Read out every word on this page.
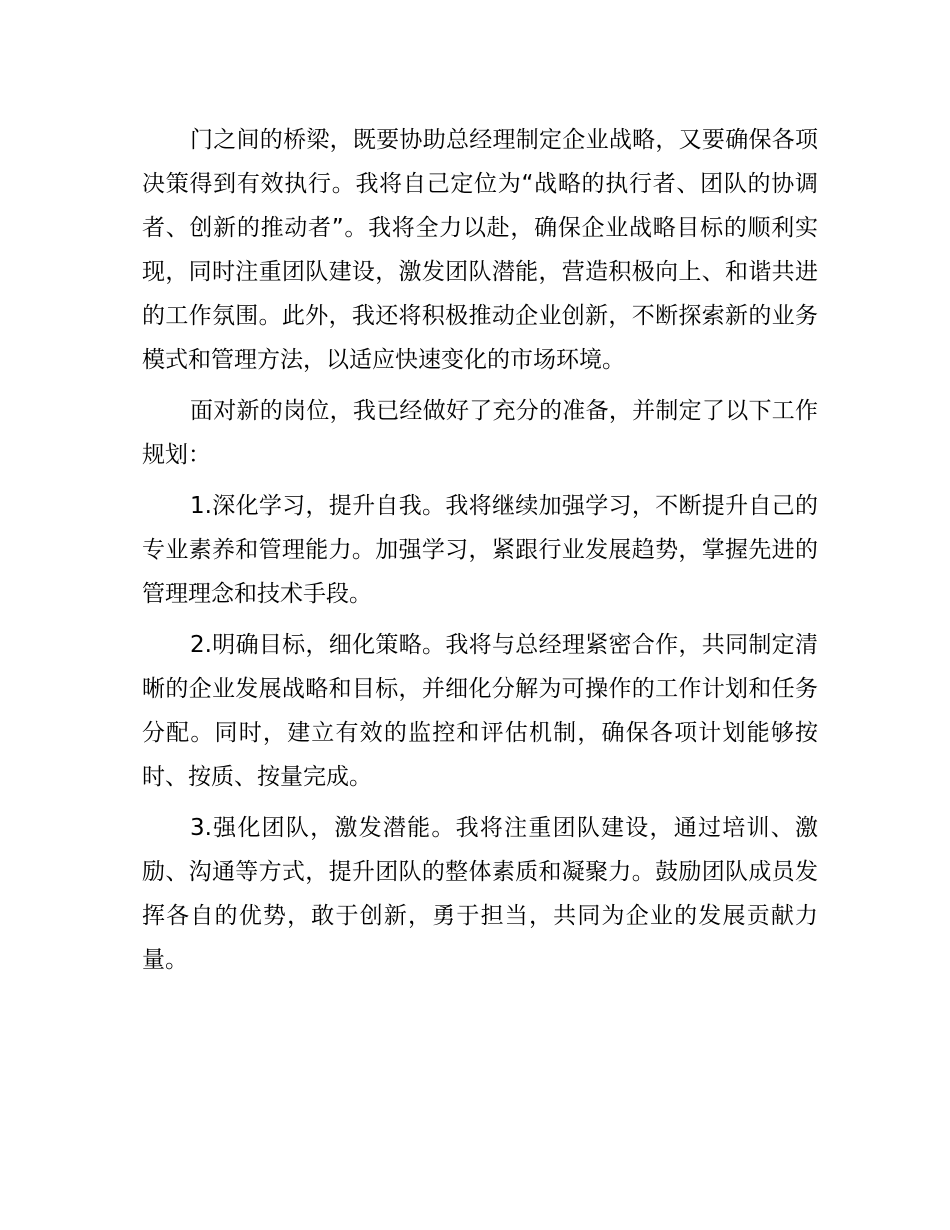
门之间的桥梁，既要协助总经理制定企业战略，又要确保各项决策得到有效执行。我将自己定位为“战略的执行者、团队的协调者、创新的推动者”。我将全力以赴，确保企业战略目标的顺利实现，同时注重团队建设，激发团队潜能，营造积极向上、和谐共进的工作氛围。此外，我还将积极推动企业创新，不断探索新的业务模式和管理方法，以适应快速变化的市场环境。

面对新的岗位，我已经做好了充分的准备，并制定了以下工作规划：

1.深化学习，提升自我。我将继续加强学习，不断提升自己的专业素养和管理能力。加强学习，紧跟行业发展趋势，掌握先进的管理理念和技术手段。

2.明确目标，细化策略。我将与总经理紧密合作，共同制定清晰的企业发展战略和目标，并细化分解为可操作的工作计划和任务分配。同时，建立有效的监控和评估机制，确保各项计划能够按时、按质、按量完成。

3.强化团队，激发潜能。我将注重团队建设，通过培训、激励、沟通等方式，提升团队的整体素质和凝聚力。鼓励团队成员发挥各自的优势，敢于创新，勇于担当，共同为企业的发展贡献力量。
